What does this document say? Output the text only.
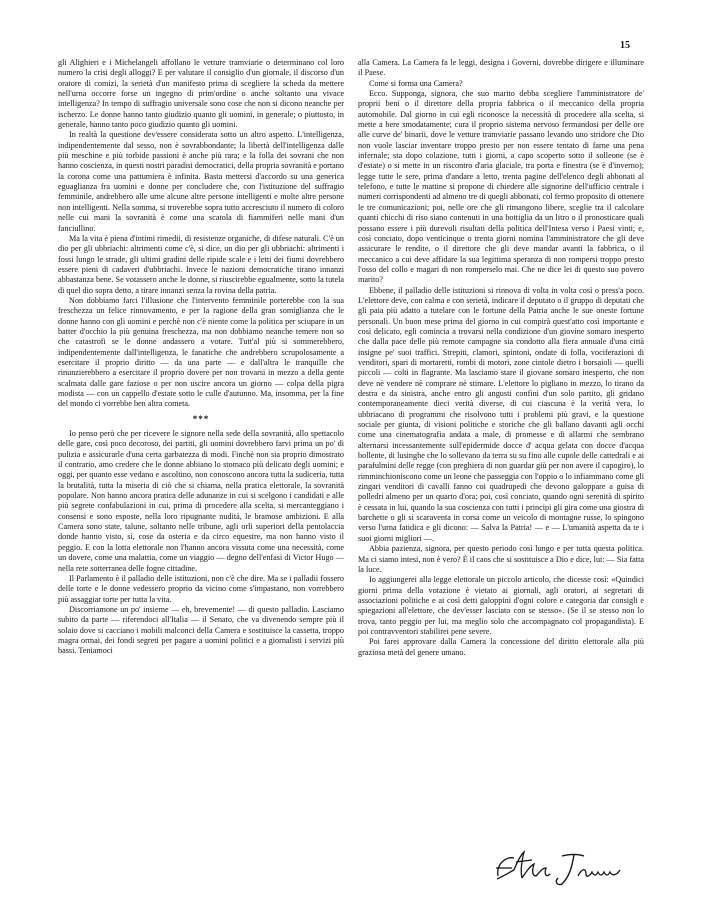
15

gli Alighieri e i Michelangeli affollano le vetture tramviarie o determinano col loro numero la crisi degli alloggi? E per valutare il consiglio d'un giornale, il discorso d'un oratore di comizi, la serietà d'un manifesto prima di scegliere la scheda da mettere nell'urna occorre forse un ingegno di prim'ordine o anche soltanto una vivace intelligenza? In tempo di suffragio universale sono cose che non si dicono neanche per ischerzo. Le donne hanno tanto giudizio quanto gli uomini, in generale; o piuttosto, in generale, hanno tanto poco giudizio quanto gli uomini.

In realtà la questione dev'essere considerata sotto un altro aspetto. L'intelligenza, indipendentemente dal sesso, non è sovrabbondante; la libertà dell'intelligenza dalle più meschine e più torbide passioni è anche più rara; e la folla dei sovrani che non hanno coscienza, in questi nostri paradisi democratici, della propria sovranità e portano la corona come una pattumiera è infinita. Basta mettersi d'accordo su una generica eguaglianza fra uomini e donne per concludere che, con l'istituzione del suffragio femminile, andrebbero alle urne alcune altre persone intelligenti e molte altre persone non intelligenti. Nella somma, si troverebbe sopra tutto accresciuto il numero di coloro nelle cui mani la sovranità è come una scatola di fiammiferi nelle mani d'un fanciullino.

Ma la vita è piena d'intimi rimedii, di resistenze organiche, di difese naturali. C'è un dio per gli ubbriachi: altrimenti come c'è, si dice, un dio per gli ubbriachi: altrimenti i fossi lungo le strade, gli ultimi gradini delle ripide scale e i letti dei fiumi dovrebbero essere pieni di cadaveri d'ubbriachi. Invece le nazioni democratiche tirano innanzi abbastanza bene. Se votassero anche le donne, si riuscirebbe egualmente, sotto la tutela di quel dio sopra detto, a tirare innanzi senza la rovina della patria.

Non dobbiamo farci l'illusione che l'intervento femminile porterebbe con la sua freschezza un felice rinnovamento, e per la ragione della gran somiglianza che le donne hanno con gli uomini e perchè non c'è niente come la politica per sciupare in un batter d'occhio la più genuina freschezza, ma non dobbiamo neanche temere non so che catastrofi se le donne andassero a votare. Tutt'al più si sommerebbero, indipendentemente dall'intelligenza, le fanatiche che andrebbero scrupolosamente a esercitare il proprio diritto — da una parte — e dall'altra le tranquille che rinunzierebbero a esercitare il proprio dovere per non trovarsi in mezzo a della gente scalmata dalle gare faziose o per non uscire ancora un giorno — colpa della pigra modista — con un cappello d'estate sotto le culle d'autunno. Ma, insomma, per la fine del mondo ci vorrebbe ben altra cometa.

***

Io penso però che per ricevere le signore nella sede della sovranità, allo spettacolo delle gare, così poco decoroso, dei partiti, gli uomini dovrebbero farvi prima un po' di pulizia e assicurarle d'una certa garbatezza di modi. Finchè non sia proprio dimostrato il contrario, amo credere che le donne abbiano lo stomaco più delicato degli uomini; e oggi, per quanto esse vedano e ascoltino, non conoscono ancora tutta la sudiceria, tutta la brutalità, tutta la miseria di ciò che si chiama, nella pratica elettorale, la sovranità popolare. Non hanno ancora pratica delle adunanze in cui si scelgono i candidati e alle più segrete confabulazioni in cui, prima di procedere alla scelta, si mercanteggiano i consensi e sono esposte, nella loro ripugnante nudità, le bramose ambizioni. E alla Camera sono state, talune, soltanto nelle tribune, agli orli superiori della pentolaccia donde hanno visto, sì, cose da osteria e da circo equestre, ma non hanno visto il peggio. E con la lotta elettorale non l'hanno ancora vissuta come una necessità, come un dovere, come una malattia, come un viaggio — degno dell'enfasi di Victor Hugo — nella rete sotterranea delle fogne cittadine.

Il Parlamento è il palladio delle istituzioni, non c'è che dire. Ma se i palladii fossero delle torte e le donne vedessero proprio da vicino come s'impastano, non vorrebbero più assaggiar torte per tutta la vita.

Discorriamone un po' insieme — eh, brevemente! — di questo palladio. Lasciamo subito da parte — riferendoci all'Italia — il Senato, che va divenendo sempre più il solaio dove si cacciano i mobili malconci della Camera e sostituisce la cassetta, troppo magra ormai, dei fondi segreti per pagare a uomini politici e a giornalisti i servizi più bassi. Teniamoci

alla Camera. La Camera fa le leggi, designa i Governi, dovrebbe dirigere e illuminare il Paese.

Come si forma una Camera?

Ecco. Supponga, signora, che suo marito debba scegliere l'amministratore de' proprii beni o il direttore della propria fabbrica o il meccanico della propria automobile. Dal giorno in cui egli riconosce la necessità di procedere alla scelta, si mette a bere smodatamente; cura il proprio sistema nervoso fermandosi per delle ore alle curve de' binarii, dove le vetture tramviarie passano levando uno stridore che Dio non vuole lasciar inventare troppo presto per non essere tentato di farne una pena infernale; sta dopo colazione, tutti i giorni, a capo scoperto sotto il solleone (se è d'estate) o si mette in un riscontro d'aria glaciale, tra porta e finestra (se è d'inverno); legge tutte le sere, prima d'andare a letto, trenta pagine dell'elenco degli abbonati al telefono, e tutte le mattine si propone di chiedere alle signorine dell'ufficio centrale i numeri corrispondenti ad almeno tre di quegli abbonati, col fermo proposito di ottenere le tre comunicazioni; poi, nelle ore che gli rimangono libere, sceglie tra il calcolare quanti chicchi di riso siano contenuti in una bottiglia da un litro o il pronosticare quali possano essere i più durevoli risultati della politica dell'Intesa verso i Paesi vinti; e, così conciato, dopo venticinque o trenta giorni nomina l'amministratore che gli deve assicurare le rendite, o il direttore che gli deve mandar avanti la fabbrica, o il meccanico a cui deve affidare la sua legittima speranza di non rompersi troppo presto l'osso del collo e magari di non romperselo mai. Che ne dice lei di questo suo povero marito?

Ebbene, il palladio delle istituzioni si rinnova di volta in volta così o press'a poco. L'elettore deve, con calma e con serietà, indicare il deputato o il gruppo di deputati che gli paia più adatto a tutelare con le fortune della Patria anche le sue oneste fortune personali. Un buon mese prima del giorno in cui compirà quest'atto così importante e così delicato, egli comincia a trovarsi nella condizione d'un giovine somaro inesperto che dalla pace delle più remote campagne sia condotto alla fiera annuale d'una città insigne pe' suoi traffici. Strepiti, clamori, spintoni, ondate di folla, vociferazioni di venditori, spari di mortaretti, rombi di motori, zone cintole dietro i borsaioli — quelli piccoli — colti in flagrante. Ma lasciamo stare il giovane somaro inesperto, che non deve nè vendere nè comprare nè stimare. L'elettore lo pigliano in mezzo, lo tirano da destra e da sinistra, anche entro gli angusti confini d'un solo partito, gli gridano contemporaneamente dieci verità diverse, di cui ciascuna è la verità vera, lo ubbriacano di programmi che risolvono tutti i problemi più gravi, e la questione sociale per giunta, di visioni politiche e storiche che gli ballano davanti agli occhi come una cinematografia andata a male, di promesse e di allarmi che sembrano alternarsi incessantemente sull'epidermide docce d' acqua gelata con docce d'acqua bollente, di lusinghe che lo sollevano da terra su su fino alle cupole delle cattedrali e ai parafulmini delle regge (con preghiera di non guardar giù per non avere il capogiro), lo rimminchioniscono come un leone che passeggia con l'oppio o lo infiammano come gli zingari venditori di cavalli fanno coi quadrupedi che devono galoppare a guisa di polledri almeno per un quarto d'ora; poi, così conciato, quando ogni serenità di spirito è cessata in lui, quando la sua coscienza con tutti i principi gli gira come una giostra di barchette o gli si scaraventa in corsa come un veicolo di montagne russe, lo spingono verso l'urna fatidica e gli dicono: — Salva la Patria! — e — L'umanità aspetta da te i suoi giorni migliori —.

Abbia pazienza, signora, per questo periodo così lungo e per tutta questa politica. Ma ci siamo intesi, non è vero? È il caos che si sostituisce a Dio e dice, lui: — Sia fatta la luce.

Io aggiungerei alla legge elettorale un piccolo articolo, che dicesse così: «Quindici giorni prima della votazione è vietato ai giornali, agli oratori, ai segretari di associazioni politiche e ai così detti galoppini d'ogni colore e categoria dar consigli e spiegazioni all'elettore, che dev'esser lasciato con se stesso». (Se il se stesso non lo trova, tanto peggio per lui, ma meglio solo che accompagnato col propagandista). E poi contravventori stabilirei pene severe.

Poi farei approvare dalla Camera la concessione del diritto elettorale alla più graziosa metà del genere umano.
